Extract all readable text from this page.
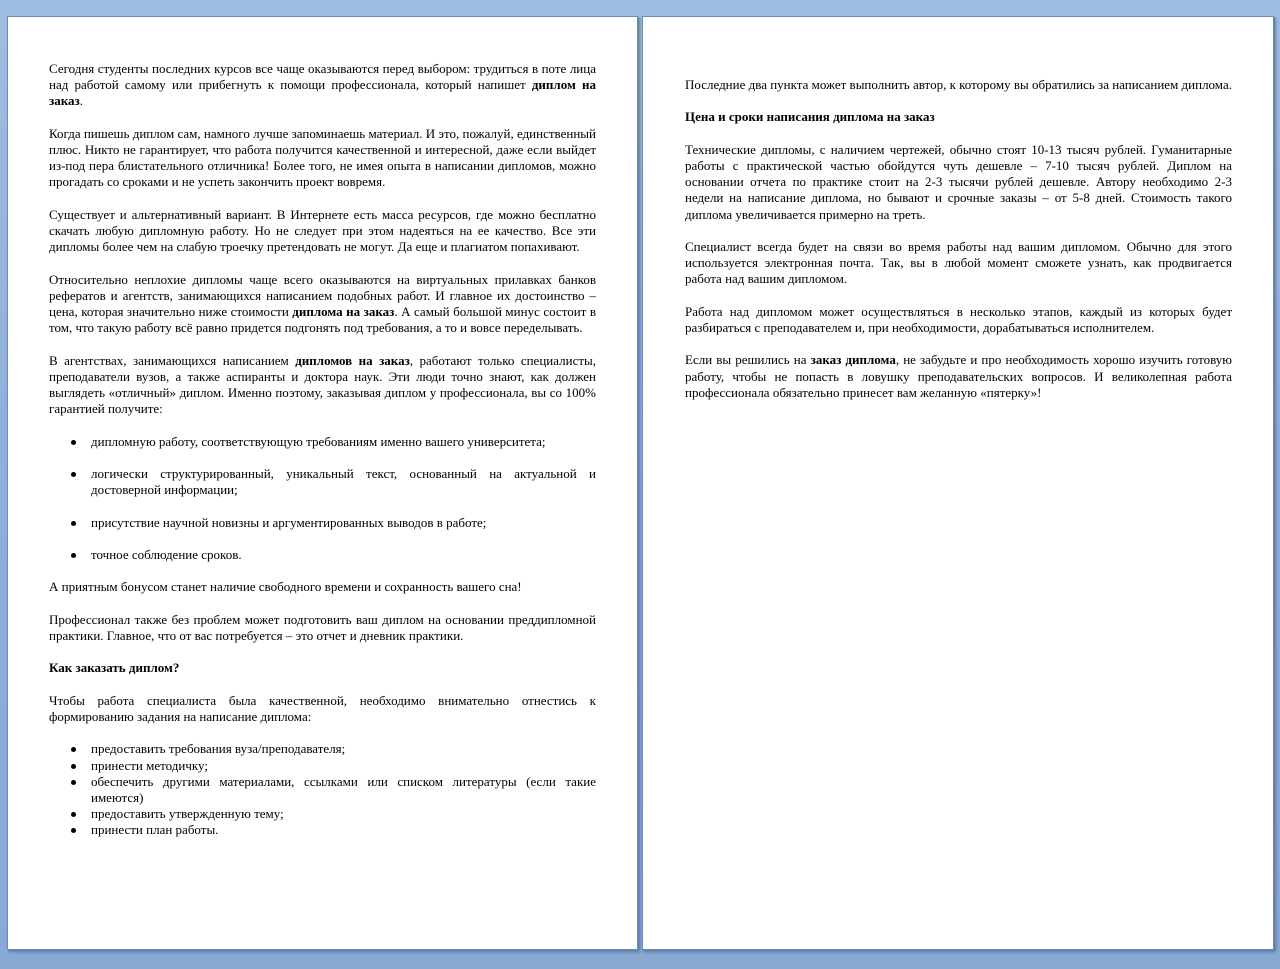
Сегодня студенты последних курсов все чаще оказываются перед выбором: трудиться в поте лица над работой самому или прибегнуть к помощи профессионала, который напишет диплом на заказ.

Когда пишешь диплом сам, намного лучше запоминаешь материал. И это, пожалуй, единственный плюс. Никто не гарантирует, что работа получится качественной и интересной, даже если выйдет из-под пера блистательного отличника! Более того, не имея опыта в написании дипломов, можно прогадать со сроками и не успеть закончить проект вовремя.

Существует и альтернативный вариант. В Интернете есть масса ресурсов, где можно бесплатно скачать любую дипломную работу. Но не следует при этом надеяться на ее качество. Все эти дипломы более чем на слабую троечку претендовать не могут. Да еще и плагиатом попахивают.

Относительно неплохие дипломы чаще всего оказываются на виртуальных прилавках банков рефератов и агентств, занимающихся написанием подобных работ. И главное их достоинство – цена, которая значительно ниже стоимости диплома на заказ. А самый большой минус состоит в том, что такую работу всё равно придется подгонять под требования, а то и вовсе переделывать.

В агентствах, занимающихся написанием дипломов на заказ, работают только специалисты, преподаватели вузов, а также аспиранты и доктора наук. Эти люди точно знают, как должен выглядеть «отличный» диплом. Именно поэтому, заказывая диплом у профессионала, вы со 100% гарантией получите:

дипломную работу, соответствующую требованиям именно вашего университета;
логически структурированный, уникальный текст, основанный на актуальной и достоверной информации;
присутствие научной новизны и аргументированных выводов в работе;
точное соблюдение сроков.

А приятным бонусом станет наличие свободного времени и сохранность вашего сна!

Профессионал также без проблем может подготовить ваш диплом на основании преддипломной практики. Главное, что от вас потребуется – это отчет и дневник практики.

Как заказать диплом?

Чтобы работа специалиста была качественной, необходимо внимательно отнестись к формированию задания на написание диплома:

предоставить требования вуза/преподавателя;
принести методичку;
обеспечить другими материалами, ссылками или списком литературы (если такие имеются)
предоставить утвержденную тему;
принести план работы.

Последние два пункта может выполнить автор, к которому вы обратились за написанием диплома.

Цена и сроки написания диплома на заказ

Технические дипломы, с наличием чертежей, обычно стоят 10-13 тысяч рублей. Гуманитарные работы с практической частью обойдутся чуть дешевле – 7-10 тысяч рублей. Диплом на основании отчета по практике стоит на 2-3 тысячи рублей дешевле. Автору необходимо 2-3 недели на написание диплома, но бывают и срочные заказы – от 5-8 дней. Стоимость такого диплома увеличивается примерно на треть.

Специалист всегда будет на связи во время работы над вашим дипломом. Обычно для этого используется электронная почта. Так, вы в любой момент сможете узнать, как продвигается работа над вашим дипломом.

Работа над дипломом может осуществляться в несколько этапов, каждый из которых будет разбираться с преподавателем и, при необходимости, дорабатываться исполнителем.

Если вы решились на заказ диплома, не забудьте и про необходимость хорошо изучить готовую работу, чтобы не попасть в ловушку преподавательских вопросов. И великолепная работа профессионала обязательно принесет вам желанную «пятерку»!
